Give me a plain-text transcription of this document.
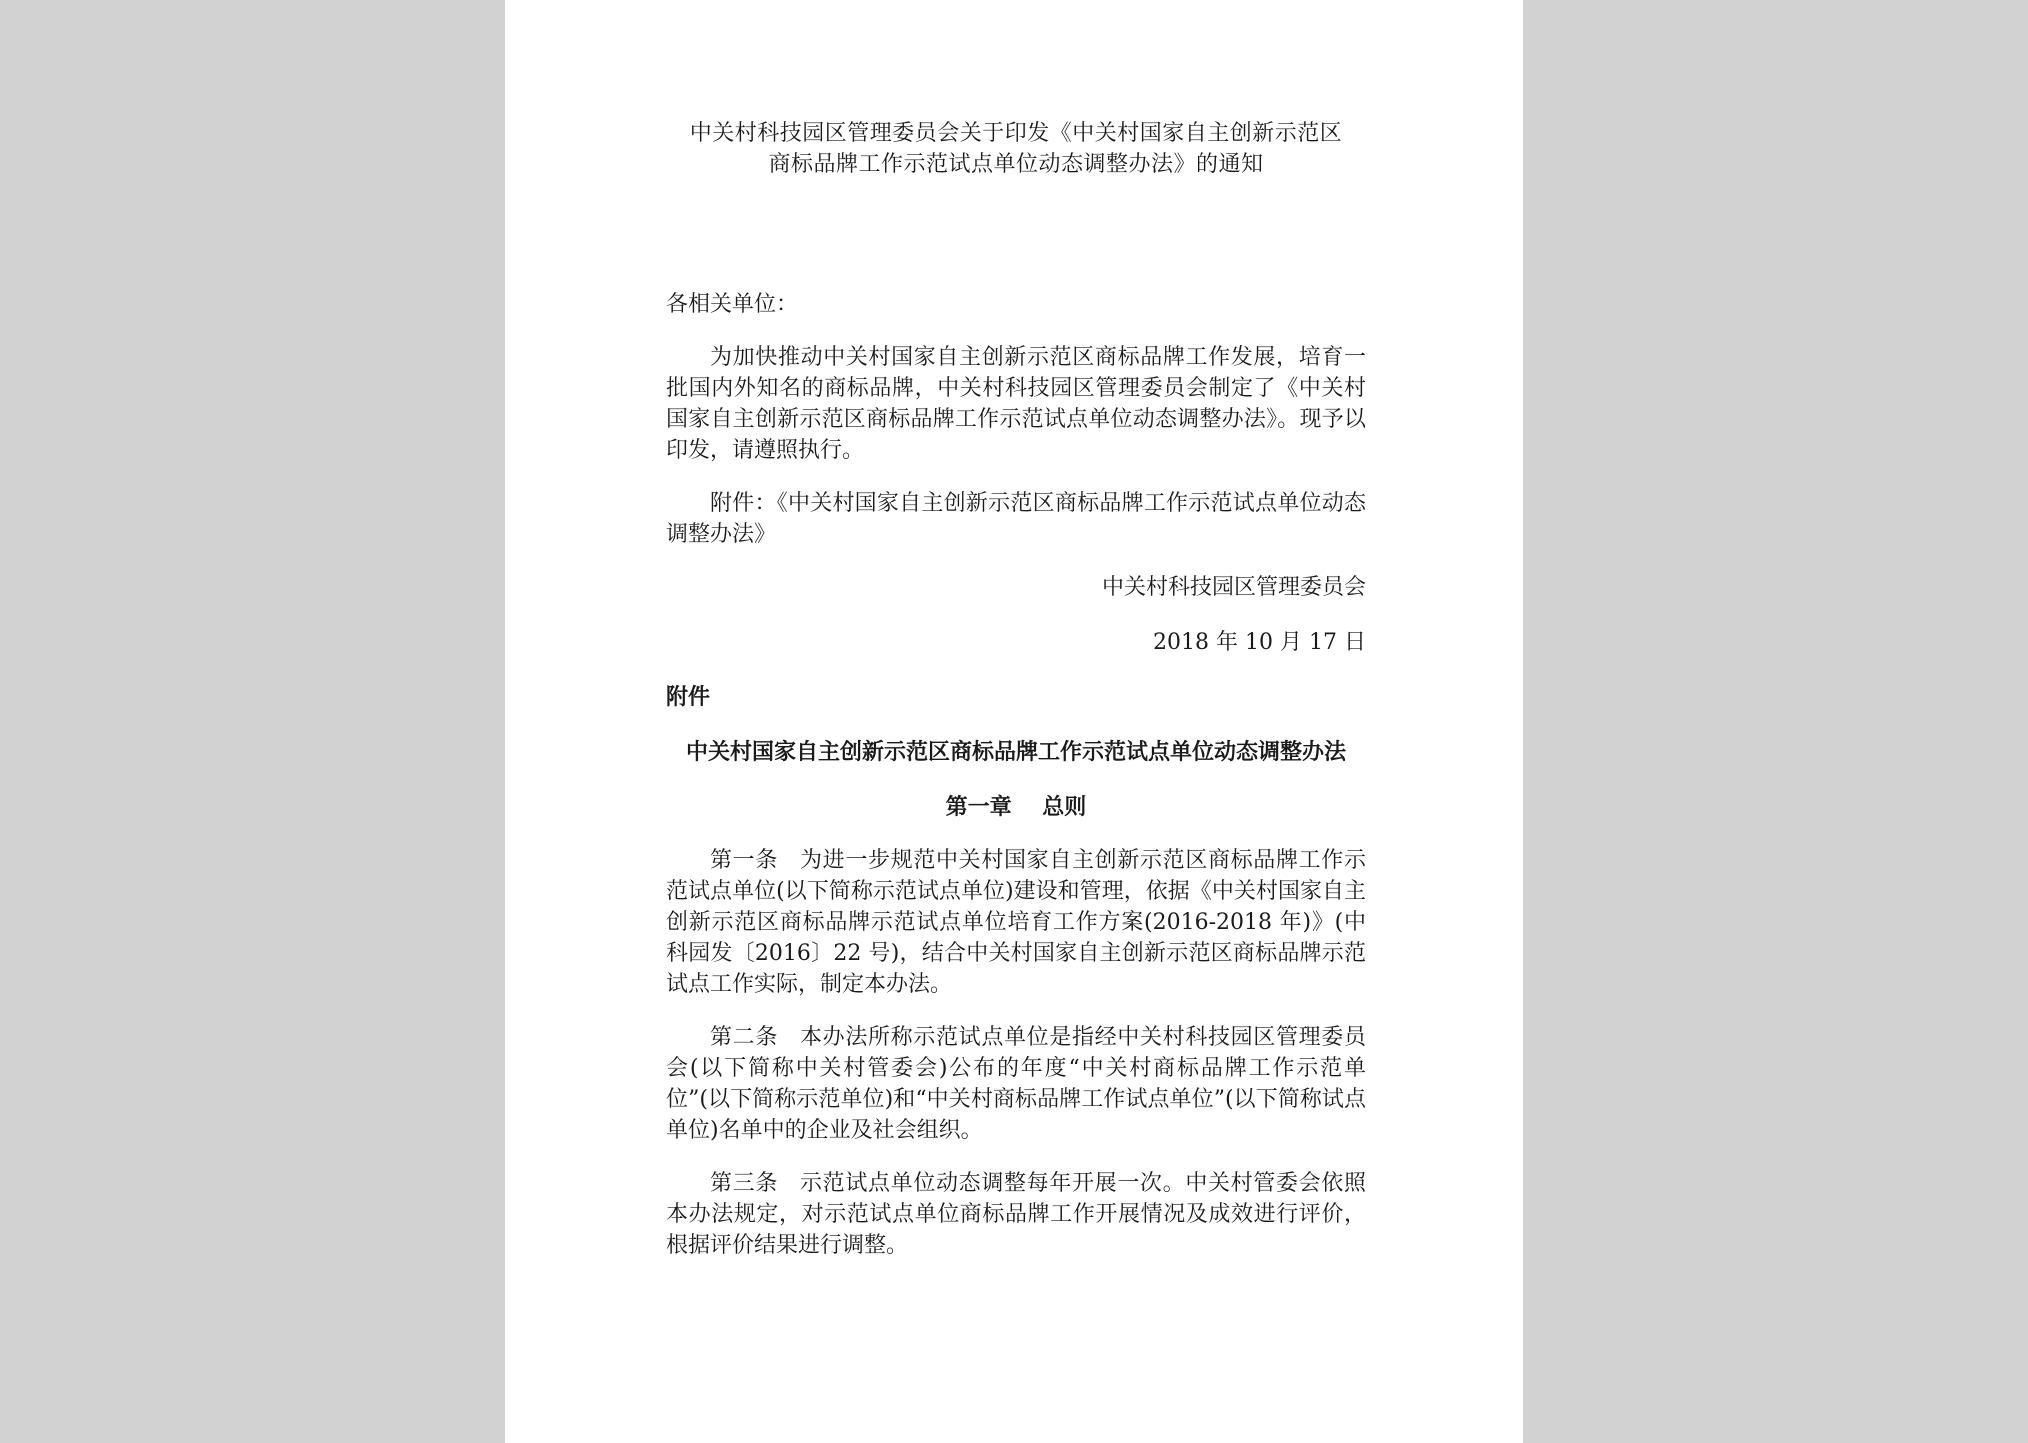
中关村科技园区管理委员会关于印发《中关村国家自主创新示范区
商标品牌工作示范试点单位动态调整办法》的通知

各相关单位：

为加快推动中关村国家自主创新示范区商标品牌工作发展，培育一批国内外知名的商标品牌，中关村科技园区管理委员会制定了《中关村国家自主创新示范区商标品牌工作示范试点单位动态调整办法》。现予以印发，请遵照执行。

附件：《中关村国家自主创新示范区商标品牌工作示范试点单位动态调整办法》

中关村科技园区管理委员会

2018 年 10 月 17 日

附件

中关村国家自主创新示范区商标品牌工作示范试点单位动态调整办法

第一章    总则

第一条 为进一步规范中关村国家自主创新示范区商标品牌工作示范试点单位(以下简称示范试点单位)建设和管理，依据《中关村国家自主创新示范区商标品牌示范试点单位培育工作方案(2016-2018 年)》(中科园发〔2016〕22 号)，结合中关村国家自主创新示范区商标品牌示范试点工作实际，制定本办法。

第二条 本办法所称示范试点单位是指经中关村科技园区管理委员会(以下简称中关村管委会)公布的年度“中关村商标品牌工作示范单位”(以下简称示范单位)和“中关村商标品牌工作试点单位”(以下简称试点单位)名单中的企业及社会组织。

第三条 示范试点单位动态调整每年开展一次。中关村管委会依照本办法规定，对示范试点单位商标品牌工作开展情况及成效进行评价，根据评价结果进行调整。
